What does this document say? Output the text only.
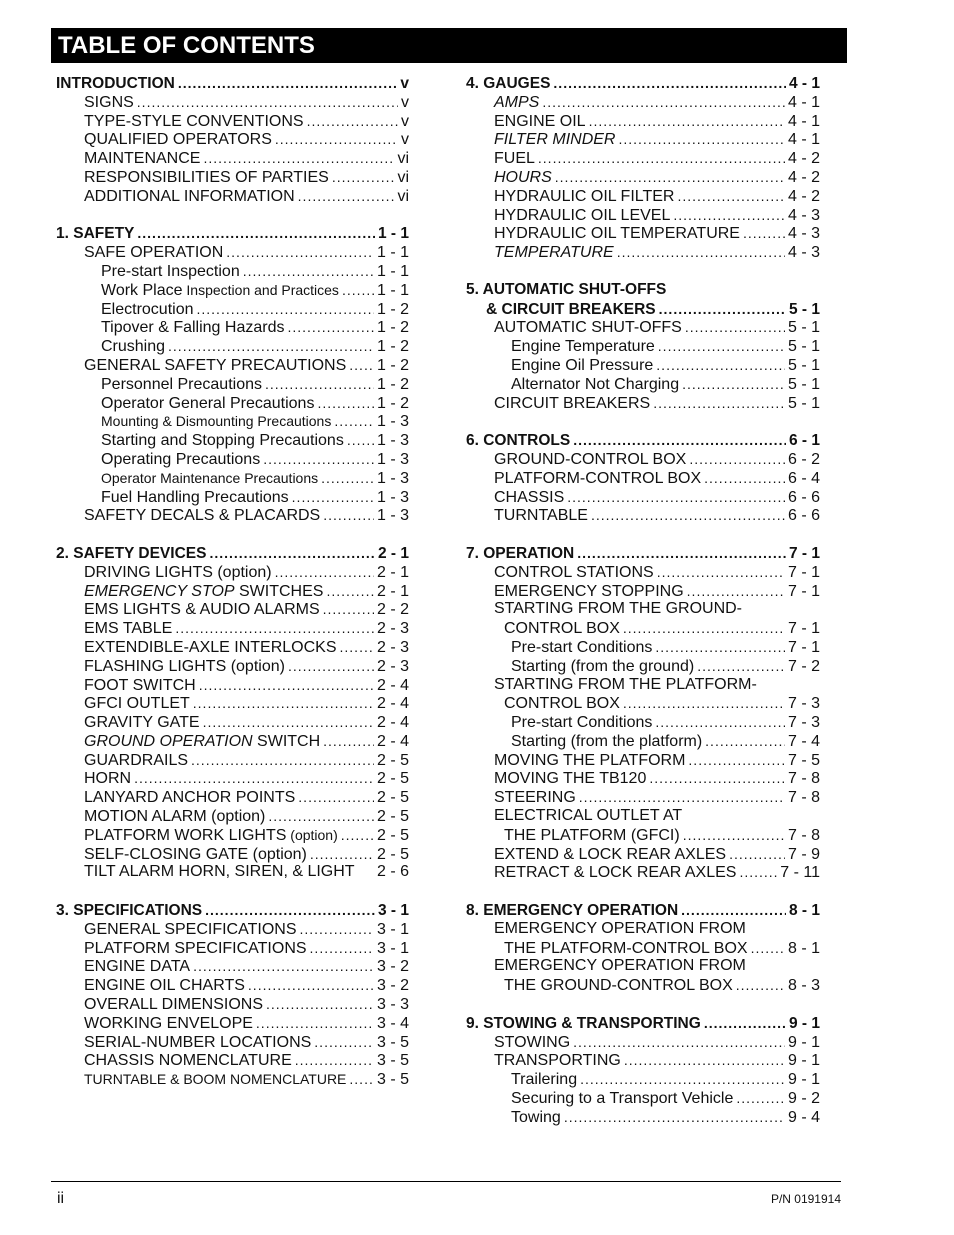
TABLE OF CONTENTS
INTRODUCTION .....	v
SIGNS .....	v
TYPE-STYLE CONVENTIONS .....	v
QUALIFIED OPERATORS .....	v
MAINTENANCE .....	vi
RESPONSIBILITIES OF PARTIES .....	vi
ADDITIONAL INFORMATION .....	vi
1. SAFETY .....	1 - 1
SAFE OPERATION .....	1 - 1
Pre-start Inspection .....	1 - 1
Work Place Inspection and Practices ..... 1 - 1
Electrocution .....	1 - 2
Tipover & Falling Hazards .....	1 - 2
Crushing .....	1 - 2
GENERAL SAFETY PRECAUTIONS ..... 1 - 2
Personnel Precautions .....	1 - 2
Operator General Precautions .....	1 - 2
Mounting & Dismounting Precautions .....	1 - 3
Starting and Stopping Precautions ..... 1 - 3
Operating Precautions .....	1 - 3
Operator Maintenance Precautions .....	1 - 3
Fuel Handling Precautions .....	1 - 3
SAFETY DECALS & PLACARDS .....	1 - 3
2. SAFETY DEVICES .....	2 - 1
DRIVING LIGHTS (option) .....	2 - 1
EMERGENCY STOP SWITCHES .....	2 - 1
EMS LIGHTS & AUDIO ALARMS .....	2 - 2
EMS TABLE .....	2 - 3
EXTENDIBLE-AXLE INTERLOCKS .....	2 - 3
FLASHING LIGHTS (option) .....	2 - 3
FOOT SWITCH .....	2 - 4
GFCI OUTLET .....	2 - 4
GRAVITY GATE .....	2 - 4
GROUND OPERATION SWITCH .....	2 - 4
GUARDRAILS .....	2 - 5
HORN .....	2 - 5
LANYARD ANCHOR POINTS .....	2 - 5
MOTION ALARM (option) .....	2 - 5
PLATFORM WORK LIGHTS (option) ..... 2 - 5
SELF-CLOSING GATE (option) .....	2 - 5
TILT ALARM HORN, SIREN, & LIGHT 2 - 6
3. SPECIFICATIONS .....	3 - 1
GENERAL SPECIFICATIONS .....	3 - 1
PLATFORM SPECIFICATIONS .....	3 - 1
ENGINE DATA .....	3 - 2
ENGINE OIL CHARTS .....	3 - 2
OVERALL DIMENSIONS .....	3 - 3
WORKING ENVELOPE .....	3 - 4
SERIAL-NUMBER LOCATIONS .....	3 - 5
CHASSIS NOMENCLATURE .....	3 - 5
TURNTABLE & BOOM NOMENCLATURE ..... 3 - 5
4. GAUGES .....	4 - 1
AMPS .....	4 - 1
ENGINE OIL .....	4 - 1
FILTER MINDER .....	4 - 1
FUEL .....	4 - 2
HOURS .....	4 - 2
HYDRAULIC OIL FILTER .....	4 - 2
HYDRAULIC OIL LEVEL .....	4 - 3
HYDRAULIC OIL TEMPERATURE .....	4 - 3
TEMPERATURE .....	4 - 3
5. AUTOMATIC SHUT-OFFS
& CIRCUIT BREAKERS .....	5 - 1
AUTOMATIC SHUT-OFFS .....	5 - 1
Engine Temperature .....	5 - 1
Engine Oil Pressure .....	5 - 1
Alternator Not Charging .....	5 - 1
CIRCUIT BREAKERS .....	5 - 1
6. CONTROLS .....	6 - 1
GROUND-CONTROL BOX .....	6 - 2
PLATFORM-CONTROL BOX .....	6 - 4
CHASSIS .....	6 - 6
TURNTABLE .....	6 - 6
7. OPERATION .....	7 - 1
CONTROL STATIONS .....	7 - 1
EMERGENCY STOPPING .....	7 - 1
STARTING FROM THE GROUND-
CONTROL BOX .....	7 - 1
Pre-start Conditions .....	7 - 1
Starting (from the ground) .....	7 - 2
STARTING FROM THE PLATFORM-
CONTROL BOX .....	7 - 3
Pre-start Conditions .....	7 - 3
Starting (from the platform) .....	7 - 4
MOVING THE PLATFORM .....	7 - 5
MOVING THE TB120 .....	7 - 8
STEERING .....	7 - 8
ELECTRICAL OUTLET AT
THE PLATFORM (GFCI) .....	7 - 8
EXTEND & LOCK REAR AXLES .....	7 - 9
RETRACT & LOCK REAR AXLES .....	7 - 11
8. EMERGENCY OPERATION .....	8 - 1
EMERGENCY OPERATION FROM
THE PLATFORM-CONTROL BOX .....	8 - 1
EMERGENCY OPERATION FROM
THE GROUND-CONTROL BOX .....	8 - 3
9. STOWING & TRANSPORTING .....	9 - 1
STOWING .....	9 - 1
TRANSPORTING .....	9 - 1
Trailering .....	9 - 1
Securing to a Transport Vehicle .....	9 - 2
Towing .....	9 - 4
ii	P/N 0191914
